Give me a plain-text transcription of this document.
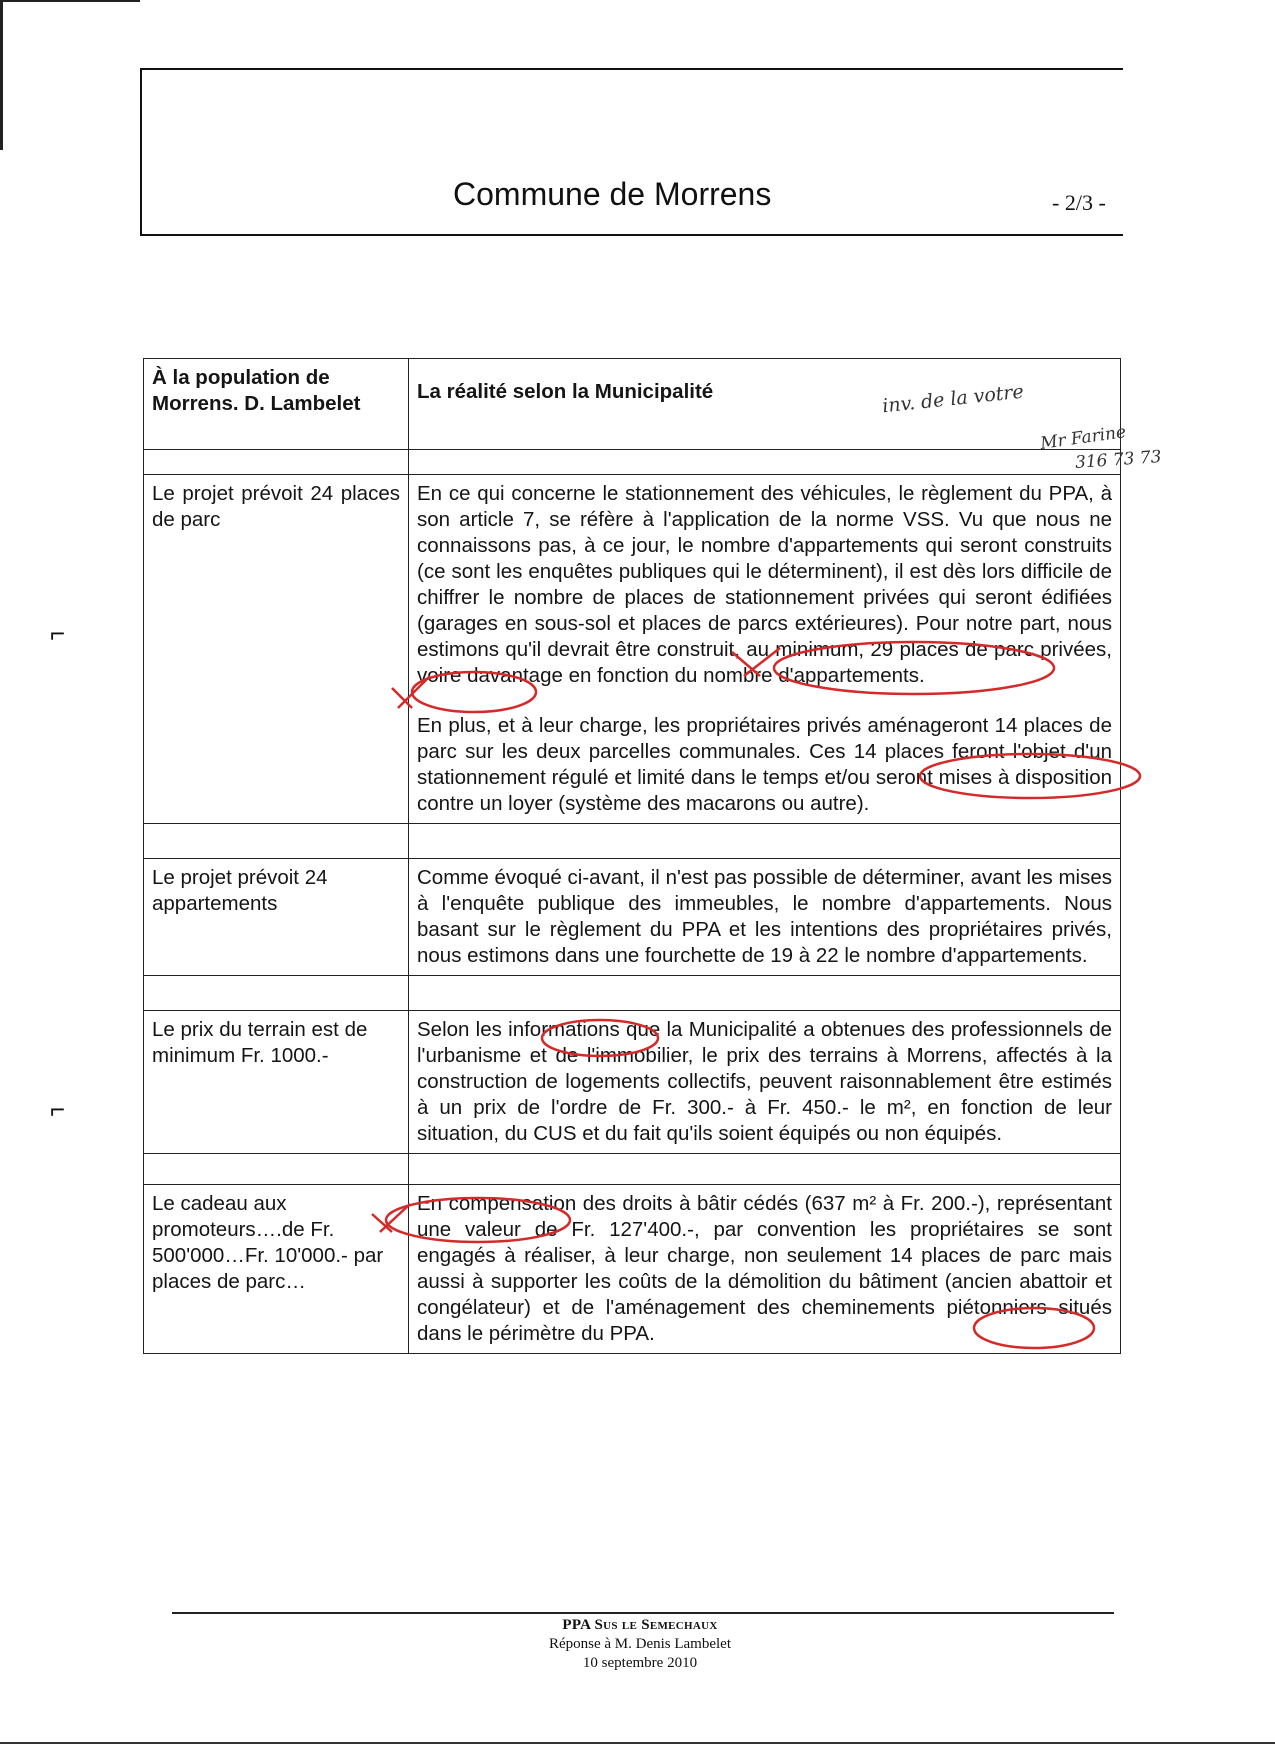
Commune de Morrens	- 2/3 -
À la population de Morrens. D. Lambelet	La réalité selon la Municipalité

Le projet prévoit 24 places de parc	En ce qui concerne le stationnement des véhicules, le règlement du PPA, à son article 7, se réfère à l'application de la norme VSS. Vu que nous ne connaissons pas, à ce jour, le nombre d'appartements qui seront construits (ce sont les enquêtes publiques qui le déterminent), il est dès lors difficile de chiffrer le nombre de places de stationnement privées qui seront édifiées (garages en sous-sol et places de parcs extérieures). Pour notre part, nous estimons qu'il devrait être construit, au minimum, 29 places de parc privées, voire davantage en fonction du nombre d'appartements.

En plus, et à leur charge, les propriétaires privés aménageront 14 places de parc sur les deux parcelles communales. Ces 14 places feront l'objet d'un stationnement régulé et limité dans le temps et/ou seront mises à disposition contre un loyer (système des macarons ou autre).

Le projet prévoit 24 appartements	Comme évoqué ci-avant, il n'est pas possible de déterminer, avant les mises à l'enquête publique des immeubles, le nombre d'appartements. Nous basant sur le règlement du PPA et les intentions des propriétaires privés, nous estimons dans une fourchette de 19 à 22 le nombre d'appartements.

Le prix du terrain est de minimum Fr. 1000.-	Selon les informations que la Municipalité a obtenues des professionnels de l'urbanisme et de l'immobilier, le prix des terrains à Morrens, affectés à la construction de logements collectifs, peuvent raisonnablement être estimés à un prix de l'ordre de Fr. 300.- à Fr. 450.- le m², en fonction de leur situation, du CUS et du fait qu'ils soient équipés ou non équipés.

Le cadeau aux promoteurs….de Fr. 500'000…Fr. 10'000.- par places de parc…	En compensation des droits à bâtir cédés (637 m² à Fr. 200.-), représentant une valeur de Fr. 127'400.-, par convention les propriétaires se sont engagés à réaliser, à leur charge, non seulement 14 places de parc mais aussi à supporter les coûts de la démolition du bâtiment (ancien abattoir et congélateur) et de l'aménagement des cheminements piétonniers situés dans le périmètre du PPA.

inv. de la votre
Mr Farine
316 73 73
⌐
⌐
PPA Sus le Semechaux
Réponse à M. Denis Lambelet
10 septembre 2010
